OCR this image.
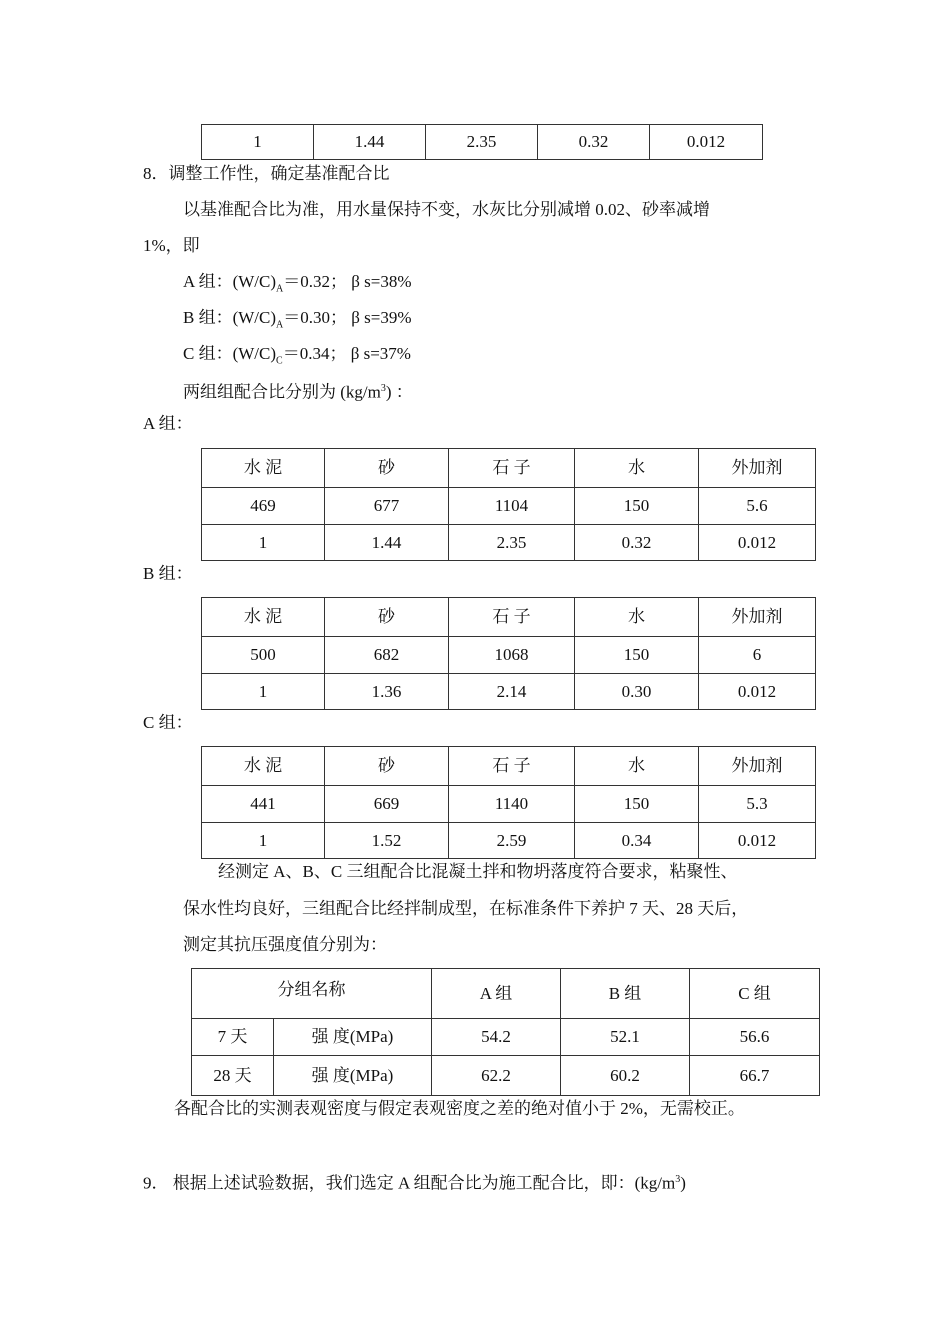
1	1.44	2.35	0.32	0.012
8．调整工作性，确定基准配合比
以基准配合比为准，用水量保持不变，水灰比分别减增 0.02、砂率减增
1%，即
A 组：$(W/C)_A=0.32$； β s=38%
B 组：$(W/C)_A=0.30$； β s=39%
C 组：$(W/C)_C=0.34$； β s=37%
两组组配合比分别为 $(kg/m^3)$ ：
A 组：
水 泥	砂	石 子	水	外加剂
469	677	1104	150	5.6
1	1.44	2.35	0.32	0.012
B 组：
水 泥	砂	石 子	水	外加剂
500	682	1068	150	6
1	1.36	2.14	0.30	0.012
C 组：
水 泥	砂	石 子	水	外加剂
441	669	1140	150	5.3
1	1.52	2.59	0.34	0.012
经测定 A、B、C 三组配合比混凝土拌和物坍落度符合要求，粘聚性、
保水性均良好，三组配合比经拌制成型，在标准条件下养护 7 天、28 天后，
测定其抗压强度值分别为：
分组名称		A 组	B 组	C 组
7 天	强 度(MPa)	54.2	52.1	56.6
28 天	强 度(MPa)	62.2	60.2	66.7
各配合比的实测表观密度与假定表观密度之差的绝对值小于 2%，无需校正。
9． 根据上述试验数据，我们选定 A 组配合比为施工配合比，即：$(kg/m^3)$
